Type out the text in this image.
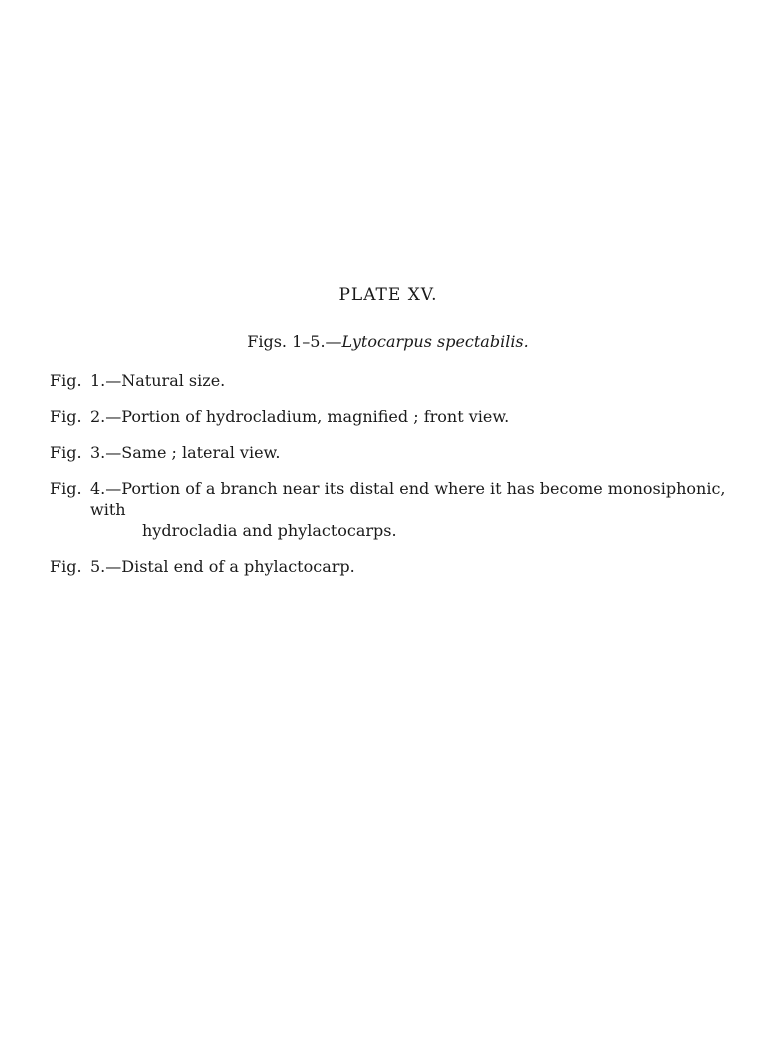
PLATE XV.
Figs. 1–5.—Lytocarpus spectabilis.
Fig. 1.—Natural size.
Fig. 2.—Portion of hydrocladium, magnified ; front view.
Fig. 3.—Same ; lateral view.
Fig. 4.—Portion of a branch near its distal end where it has become monosiphonic, with
hydrocladia and phylactocarps.
Fig. 5.—Distal end of a phylactocarp.
